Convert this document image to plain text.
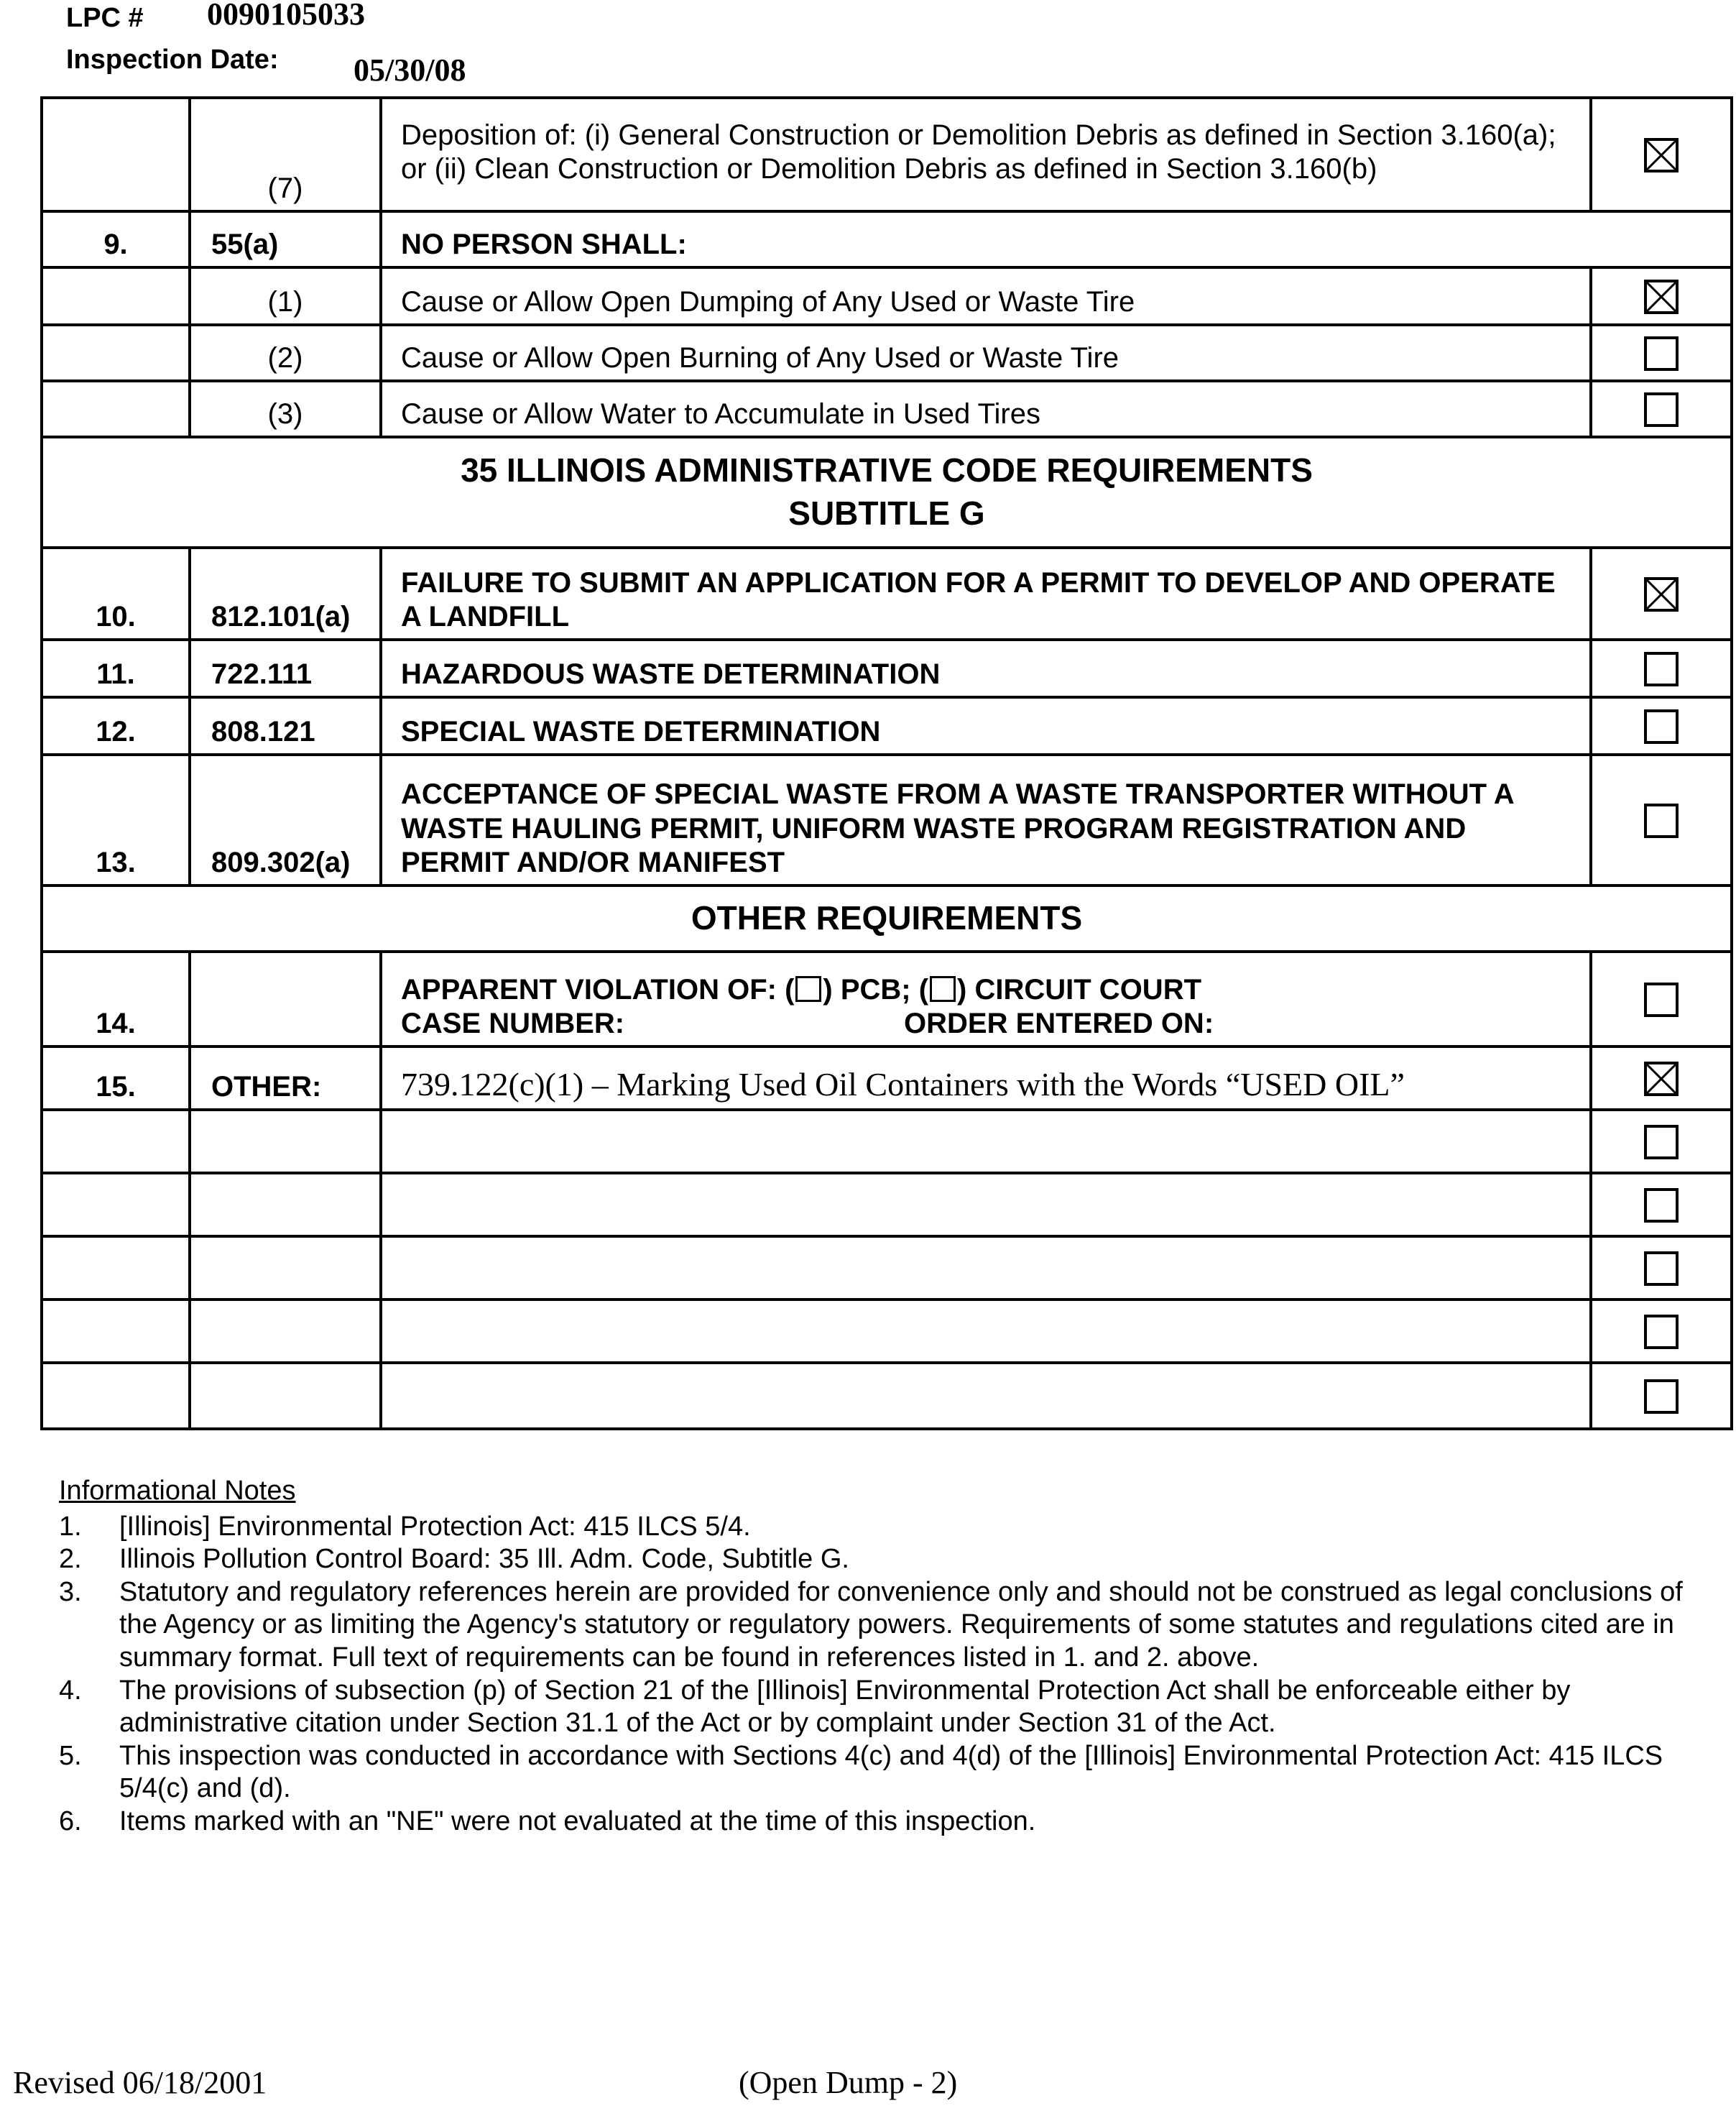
LPC # 0090105033
Inspection Date: 05/30/08
	(7)	Deposition of: (i) General Construction or Demolition Debris as defined in Section 3.160(a); or (ii) Clean Construction or Demolition Debris as defined in Section 3.160(b)	
9.	55(a)	NO PERSON SHALL:	
	(1)	Cause or Allow Open Dumping of Any Used or Waste Tire	
	(2)	Cause or Allow Open Burning of Any Used or Waste Tire	
	(3)	Cause or Allow Water to Accumulate in Used Tires	

35 ILLINOIS ADMINISTRATIVE CODE REQUIREMENTS
SUBTITLE G			

10.	812.101(a)	FAILURE TO SUBMIT AN APPLICATION FOR A PERMIT TO DEVELOP AND OPERATE A LANDFILL	
11.	722.111	HAZARDOUS WASTE DETERMINATION	
12.	808.121	SPECIAL WASTE DETERMINATION	
13.	809.302(a)	ACCEPTANCE OF SPECIAL WASTE FROM A WASTE TRANSPORTER WITHOUT A WASTE HAULING PERMIT, UNIFORM WASTE PROGRAM REGISTRATION AND PERMIT AND/OR MANIFEST	
OTHER REQUIREMENTS			
14.		APPARENT VIOLATION OF: ( ) PCB; ( ) CIRCUIT COURT
CASE NUMBER: ORDER ENTERED ON:	

15.	OTHER:	739.122(c)(1) – Marking Used Oil Containers with the Words “USED OIL”	

Informational Notes
1.	[Illinois] Environmental Protection Act: 415 ILCS 5/4.
2.	Illinois Pollution Control Board: 35 Ill. Adm. Code, Subtitle G.
3.	Statutory and regulatory references herein are provided for convenience only and should not be construed as legal conclusions of the Agency or as limiting the Agency's statutory or regulatory powers. Requirements of some statutes and regulations cited are in summary format. Full text of requirements can be found in references listed in 1. and 2. above.
4.	The provisions of subsection (p) of Section 21 of the [Illinois] Environmental Protection Act shall be enforceable either by administrative citation under Section 31.1 of the Act or by complaint under Section 31 of the Act.
5.	This inspection was conducted in accordance with Sections 4(c) and 4(d) of the [Illinois] Environmental Protection Act: 415 ILCS 5/4(c) and (d).
6.	Items marked with an "NE" were not evaluated at the time of this inspection.
Revised 06/18/2001	(Open Dump - 2)
